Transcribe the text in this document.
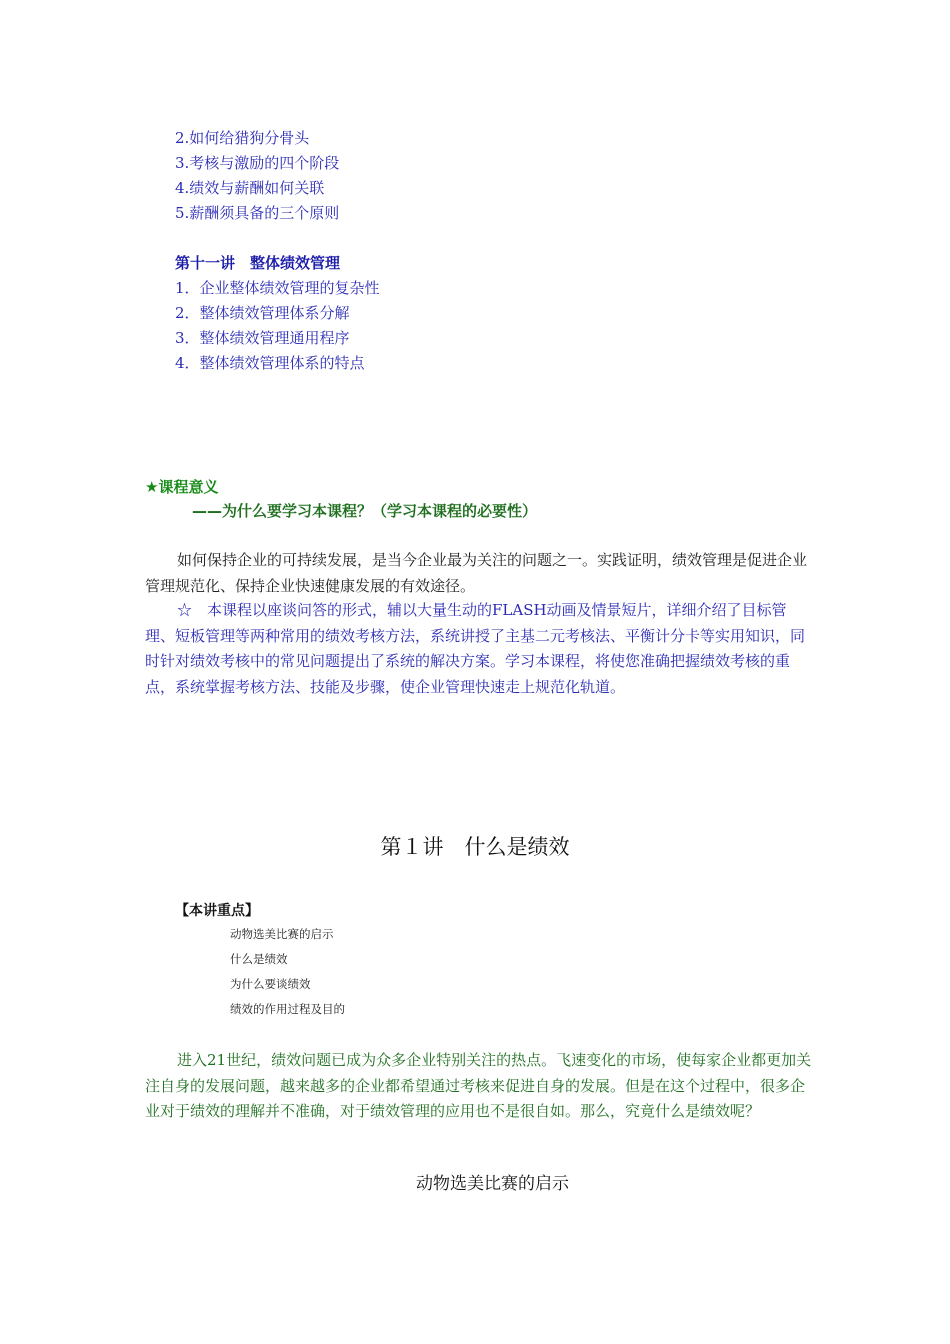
2.如何给猎狗分骨头
3.考核与激励的四个阶段
4.绩效与薪酬如何关联
5.薪酬须具备的三个原则
第十一讲　整体绩效管理
1．企业整体绩效管理的复杂性
2．整体绩效管理体系分解
3．整体绩效管理通用程序
4．整体绩效管理体系的特点
★课程意义
——为什么要学习本课程？（学习本课程的必要性）
如何保持企业的可持续发展，是当今企业最为关注的问题之一。实践证明，绩效管理是促进企业管理规范化、保持企业快速健康发展的有效途径。
☆　本课程以座谈问答的形式，辅以大量生动的FLASH动画及情景短片，详细介绍了目标管理、短板管理等两种常用的绩效考核方法，系统讲授了主基二元考核法、平衡计分卡等实用知识，同时针对绩效考核中的常见问题提出了系统的解决方案。学习本课程，将使您准确把握绩效考核的重点，系统掌握考核方法、技能及步骤，使企业管理快速走上规范化轨道。
第１讲　什么是绩效
【本讲重点】
动物选美比赛的启示
什么是绩效
为什么要谈绩效
绩效的作用过程及目的
进入21世纪，绩效问题已成为众多企业特别关注的热点。飞速变化的市场，使每家企业都更加关注自身的发展问题，越来越多的企业都希望通过考核来促进自身的发展。但是在这个过程中，很多企业对于绩效的理解并不准确，对于绩效管理的应用也不是很自如。那么，究竟什么是绩效呢？
动物选美比赛的启示
